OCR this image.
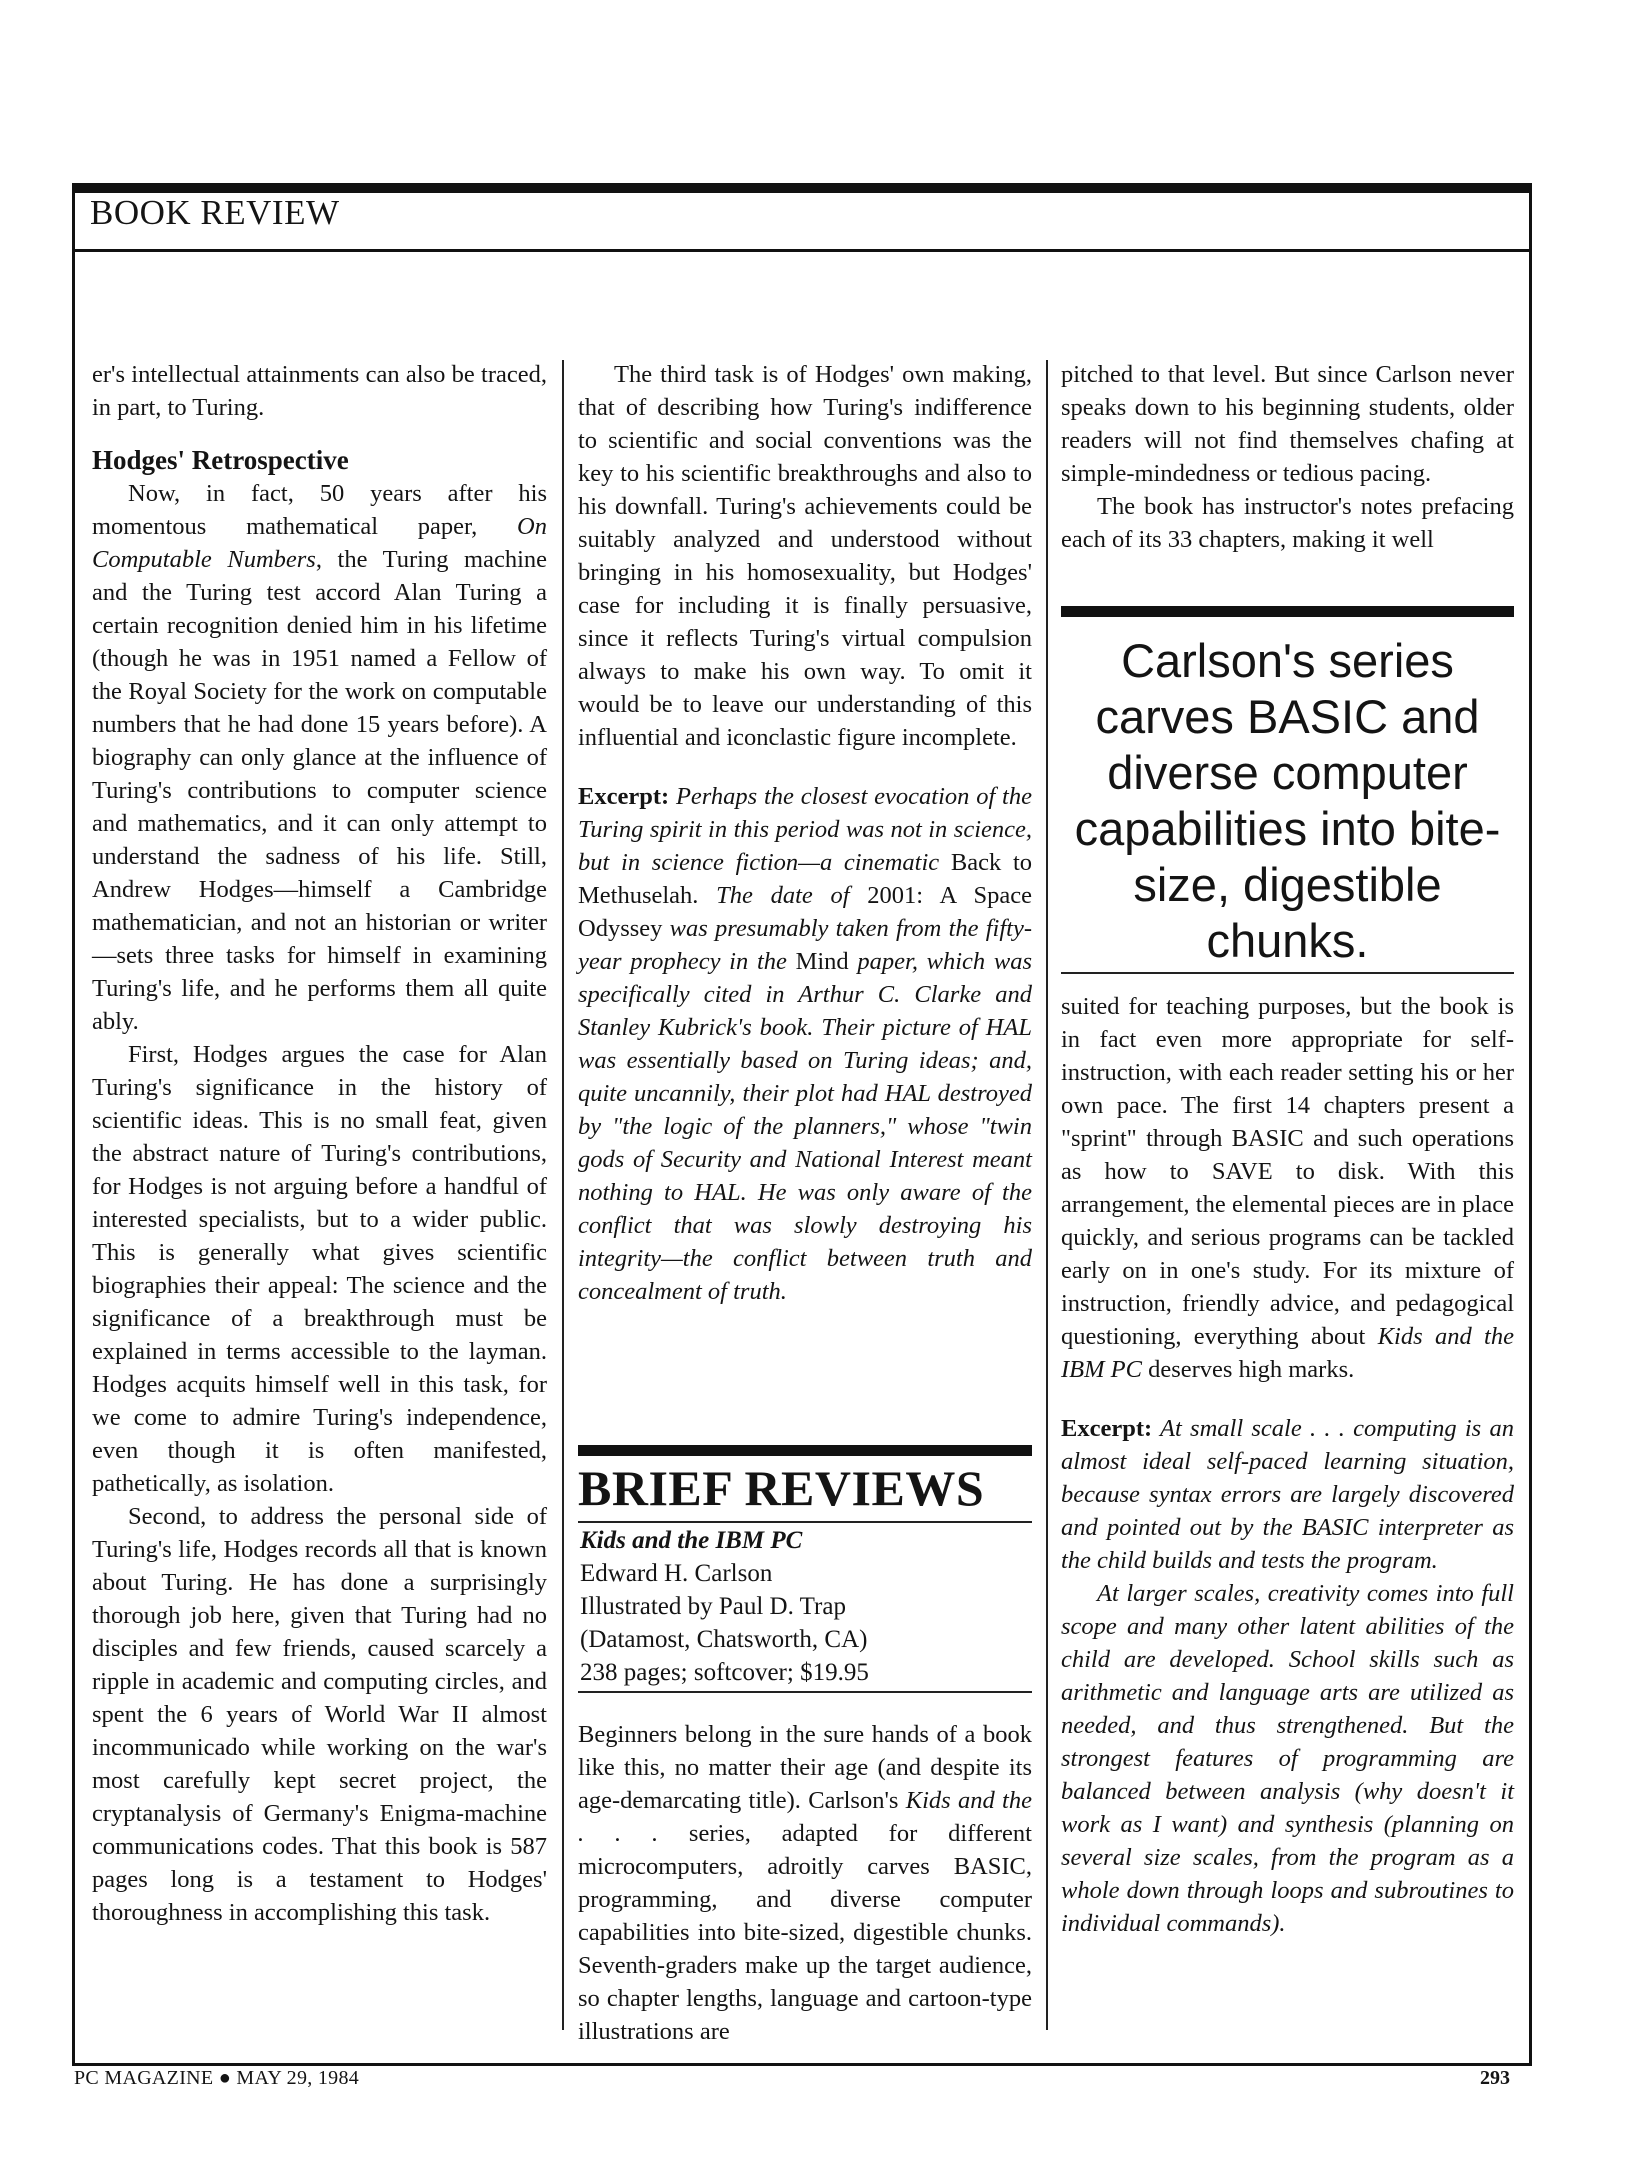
BOOK REVIEW

er's intellectual attainments can also be traced, in part, to Turing.

Hodges' Retrospective

Now, in fact, 50 years after his momentous mathematical paper, On Computable Numbers, the Turing machine and the Turing test accord Alan Turing a certain recognition denied him in his lifetime (though he was in 1951 named a Fellow of the Royal Society for the work on computable numbers that he had done 15 years before). A biography can only glance at the influence of Turing's contributions to computer science and mathematics, and it can only attempt to understand the sadness of his life. Still, Andrew Hodges—himself a Cambridge mathematician, and not an historian or writer—sets three tasks for himself in examining Turing's life, and he performs them all quite ably.

First, Hodges argues the case for Alan Turing's significance in the history of scientific ideas. This is no small feat, given the abstract nature of Turing's contributions, for Hodges is not arguing before a handful of interested specialists, but to a wider public. This is generally what gives scientific biographies their appeal: The science and the significance of a breakthrough must be explained in terms accessible to the layman. Hodges acquits himself well in this task, for we come to admire Turing's independence, even though it is often manifested, pathetically, as isolation.

Second, to address the personal side of Turing's life, Hodges records all that is known about Turing. He has done a surprisingly thorough job here, given that Turing had no disciples and few friends, caused scarcely a ripple in academic and computing circles, and spent the 6 years of World War II almost incommunicado while working on the war's most carefully kept secret project, the cryptanalysis of Germany's Enigma-machine communications codes. That this book is 587 pages long is a testament to Hodges' thoroughness in accomplishing this task.

The third task is of Hodges' own making, that of describing how Turing's indifference to scientific and social conventions was the key to his scientific breakthroughs and also to his downfall. Turing's achievements could be suitably analyzed and understood without bringing in his homosexuality, but Hodges' case for including it is finally persuasive, since it reflects Turing's virtual compulsion always to make his own way. To omit it would be to leave our understanding of this influential and iconclastic figure incomplete.

Excerpt: Perhaps the closest evocation of the Turing spirit in this period was not in science, but in science fiction—a cinematic Back to Methuselah. The date of 2001: A Space Odyssey was presumably taken from the fifty-year prophecy in the Mind paper, which was specifically cited in Arthur C. Clarke and Stanley Kubrick's book. Their picture of HAL was essentially based on Turing ideas; and, quite uncannily, their plot had HAL destroyed by "the logic of the planners," whose "twin gods of Security and National Interest meant nothing to HAL. He was only aware of the conflict that was slowly destroying his integrity—the conflict between truth and concealment of truth.

BRIEF REVIEWS
Kids and the IBM PC
Edward H. Carlson
Illustrated by Paul D. Trap
(Datamost, Chatsworth, CA)
238 pages; softcover; $19.95

Beginners belong in the sure hands of a book like this, no matter their age (and despite its age-demarcating title). Carlson's Kids and the . . . series, adapted for different microcomputers, adroitly carves BASIC, programming, and diverse computer capabilities into bite-sized, digestible chunks. Seventh-graders make up the target audience, so chapter lengths, language and cartoon-type illustrations are

pitched to that level. But since Carlson never speaks down to his beginning students, older readers will not find themselves chafing at simple-mindedness or tedious pacing.

The book has instructor's notes prefacing each of its 33 chapters, making it well

Carlson's series carves BASIC and diverse computer capabilities into bite-size, digestible chunks.

suited for teaching purposes, but the book is in fact even more appropriate for self-instruction, with each reader setting his or her own pace. The first 14 chapters present a "sprint" through BASIC and such operations as how to SAVE to disk. With this arrangement, the elemental pieces are in place quickly, and serious programs can be tackled early on in one's study. For its mixture of instruction, friendly advice, and pedagogical questioning, everything about Kids and the IBM PC deserves high marks.

Excerpt: At small scale . . . computing is an almost ideal self-paced learning situation, because syntax errors are largely discovered and pointed out by the BASIC interpreter as the child builds and tests the program.

At larger scales, creativity comes into full scope and many other latent abilities of the child are developed. School skills such as arithmetic and language arts are utilized as needed, and thus strengthened. But the strongest features of programming are balanced between analysis (why doesn't it work as I want) and synthesis (planning on several size scales, from the program as a whole down through loops and subroutines to individual commands).

PC MAGAZINE ● MAY 29, 1984	293
